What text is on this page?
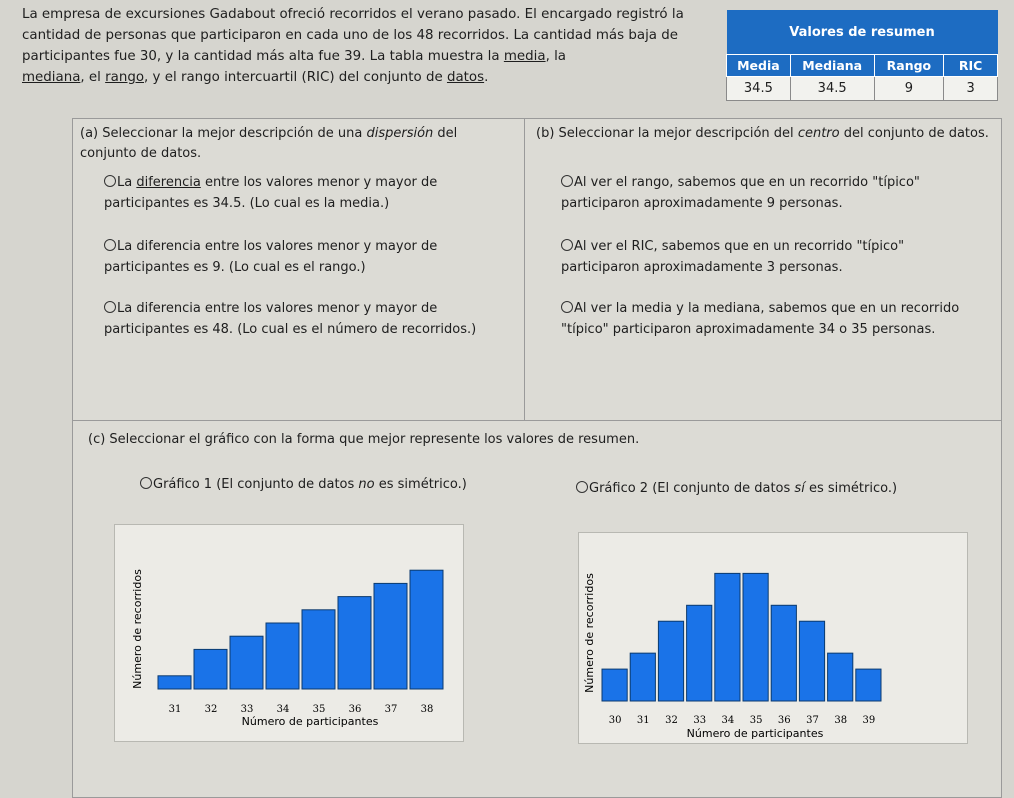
La empresa de excursiones Gadabout ofreció recorridos el verano pasado. El encargado registró la cantidad de personas que participaron en cada uno de los 48 recorridos. La cantidad más baja de participantes fue 30, y la cantidad más alta fue 39. La tabla muestra la media, la
mediana, el rango, y el rango intercuartil (RIC) del conjunto de datos.
Valores de resumen			
Media	Mediana	Rango	RIC
34.5	34.5	9	3
(a) Seleccionar la mejor descripción de una dispersión del conjunto de datos.
La diferencia entre los valores menor y mayor de participantes es 34.5. (Lo cual es la media.)
La diferencia entre los valores menor y mayor de participantes es 9. (Lo cual es el rango.)
La diferencia entre los valores menor y mayor de participantes es 48. (Lo cual es el número de recorridos.)
(b) Seleccionar la mejor descripción del centro del conjunto de datos.
Al ver el rango, sabemos que en un recorrido "típico" participaron aproximadamente 9 personas.
Al ver el RIC, sabemos que en un recorrido "típico" participaron aproximadamente 3 personas.
Al ver la media y la mediana, sabemos que en un recorrido "típico" participaron aproximadamente 34 o 35 personas.
(c) Seleccionar el gráfico con la forma que mejor represente los valores de resumen.
Gráfico 1 (El conjunto de datos no es simétrico.)	Gráfico 2 (El conjunto de datos sí es simétrico.)
31 32 33 34 35 36 37 38
Número de recorridos
Número de participantes	30 31 32 33 34 35 36 37 38 39
Número de recorridos
Número de participantes
